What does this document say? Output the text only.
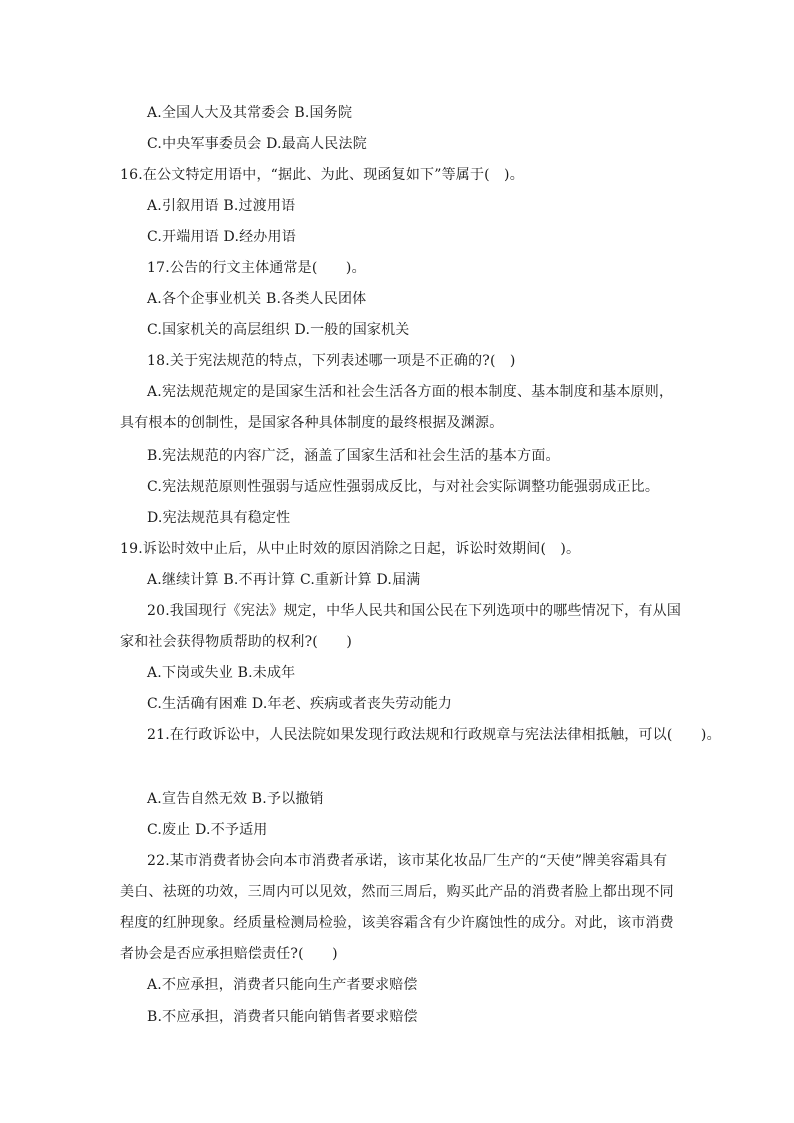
A.全国人大及其常委会 B.国务院

C.中央军事委员会 D.最高人民法院

16.在公文特定用语中，“据此、为此、现函复如下”等属于(　)。

A.引叙用语 B.过渡用语

C.开端用语 D.经办用语

17.公告的行文主体通常是(　　)。

A.各个企事业机关 B.各类人民团体

C.国家机关的高层组织 D.一般的国家机关

18.关于宪法规范的特点，下列表述哪一项是不正确的?(　)

A.宪法规范规定的是国家生活和社会生活各方面的根本制度、基本制度和基本原则，

具有根本的创制性，是国家各种具体制度的最终根据及渊源。

B.宪法规范的内容广泛，涵盖了国家生活和社会生活的基本方面。

C.宪法规范原则性强弱与适应性强弱成反比，与对社会实际调整功能强弱成正比。

D.宪法规范具有稳定性

19.诉讼时效中止后，从中止时效的原因消除之日起，诉讼时效期间(　)。

A.继续计算 B.不再计算 C.重新计算 D.届满

20.我国现行《宪法》规定，中华人民共和国公民在下列选项中的哪些情况下，有从国

家和社会获得物质帮助的权利?(　　)

A.下岗或失业 B.未成年

C.生活确有困难 D.年老、疾病或者丧失劳动能力

21.在行政诉讼中，人民法院如果发现行政法规和行政规章与宪法法律相抵触，可以(　　)。

A.宣告自然无效 B.予以撤销

C.废止 D.不予适用

22.某市消费者协会向本市消费者承诺，该市某化妆品厂生产的“天使”牌美容霜具有

美白、祛斑的功效，三周内可以见效，然而三周后，购买此产品的消费者脸上都出现不同

程度的红肿现象。经质量检测局检验，该美容霜含有少许腐蚀性的成分。对此，该市消费

者协会是否应承担赔偿责任?(　　)

A.不应承担，消费者只能向生产者要求赔偿

B.不应承担，消费者只能向销售者要求赔偿
